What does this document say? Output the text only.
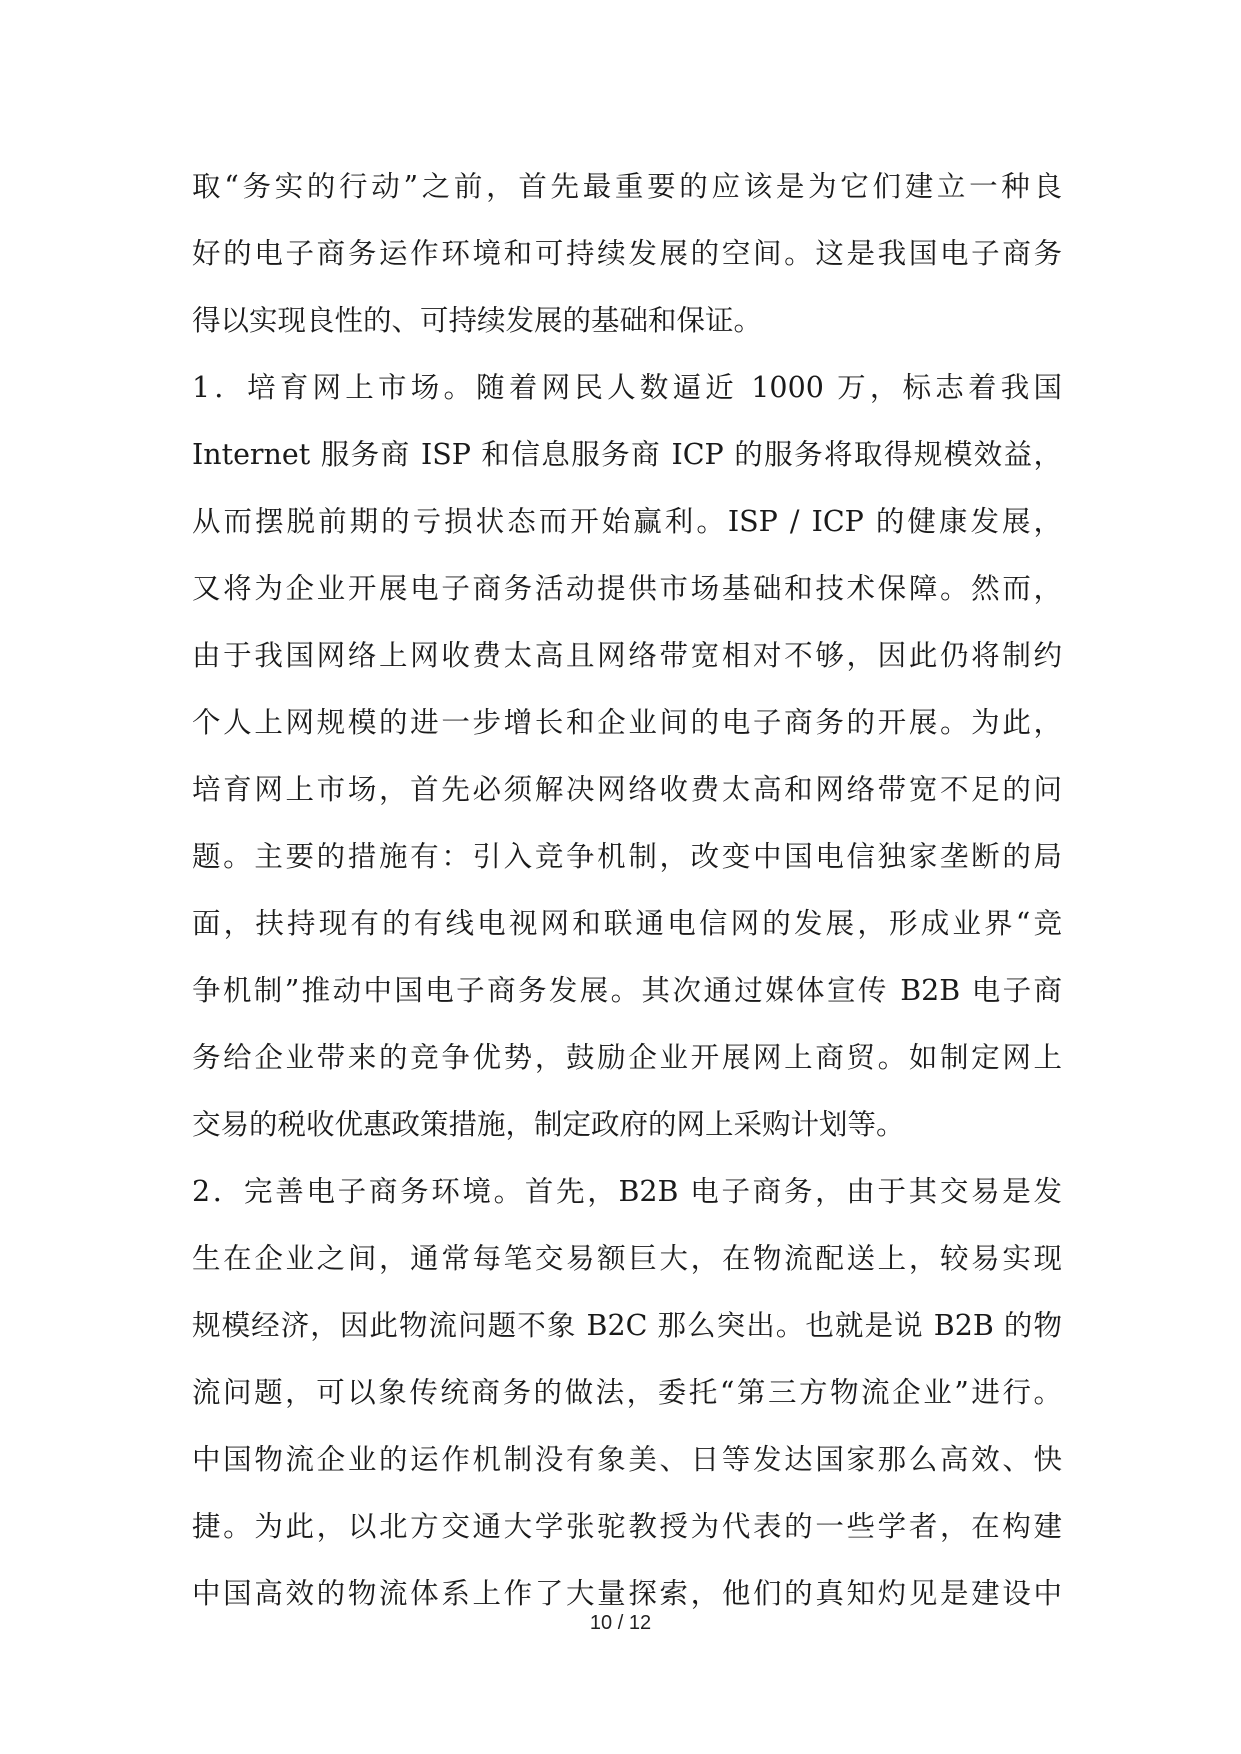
取“务实的行动”之前，首先最重要的应该是为它们建立一种良
好的电子商务运作环境和可持续发展的空间。这是我国电子商务
得以实现良性的、可持续发展的基础和保证。
1．培育网上市场。随着网民人数逼近 1000 万，标志着我国
Internet 服务商 ISP 和信息服务商 ICP 的服务将取得规模效益，
从而摆脱前期的亏损状态而开始赢利。ISP / ICP 的健康发展，
又将为企业开展电子商务活动提供市场基础和技术保障。然而，
由于我国网络上网收费太高且网络带宽相对不够，因此仍将制约
个人上网规模的进一步增长和企业间的电子商务的开展。为此，
培育网上市场，首先必须解决网络收费太高和网络带宽不足的问
题。主要的措施有：引入竞争机制，改变中国电信独家垄断的局
面，扶持现有的有线电视网和联通电信网的发展，形成业界“竞
争机制”推动中国电子商务发展。其次通过媒体宣传 B2B 电子商
务给企业带来的竞争优势，鼓励企业开展网上商贸。如制定网上
交易的税收优惠政策措施，制定政府的网上采购计划等。
2．完善电子商务环境。首先，B2B 电子商务，由于其交易是发
生在企业之间，通常每笔交易额巨大，在物流配送上，较易实现
规模经济，因此物流问题不象 B2C 那么突出。也就是说 B2B 的物
流问题，可以象传统商务的做法，委托“第三方物流企业”进行。
中国物流企业的运作机制没有象美、日等发达国家那么高效、快
捷。为此，以北方交通大学张驼教授为代表的一些学者，在构建
中国高效的物流体系上作了大量探索，他们的真知灼见是建设中
10 / 12
